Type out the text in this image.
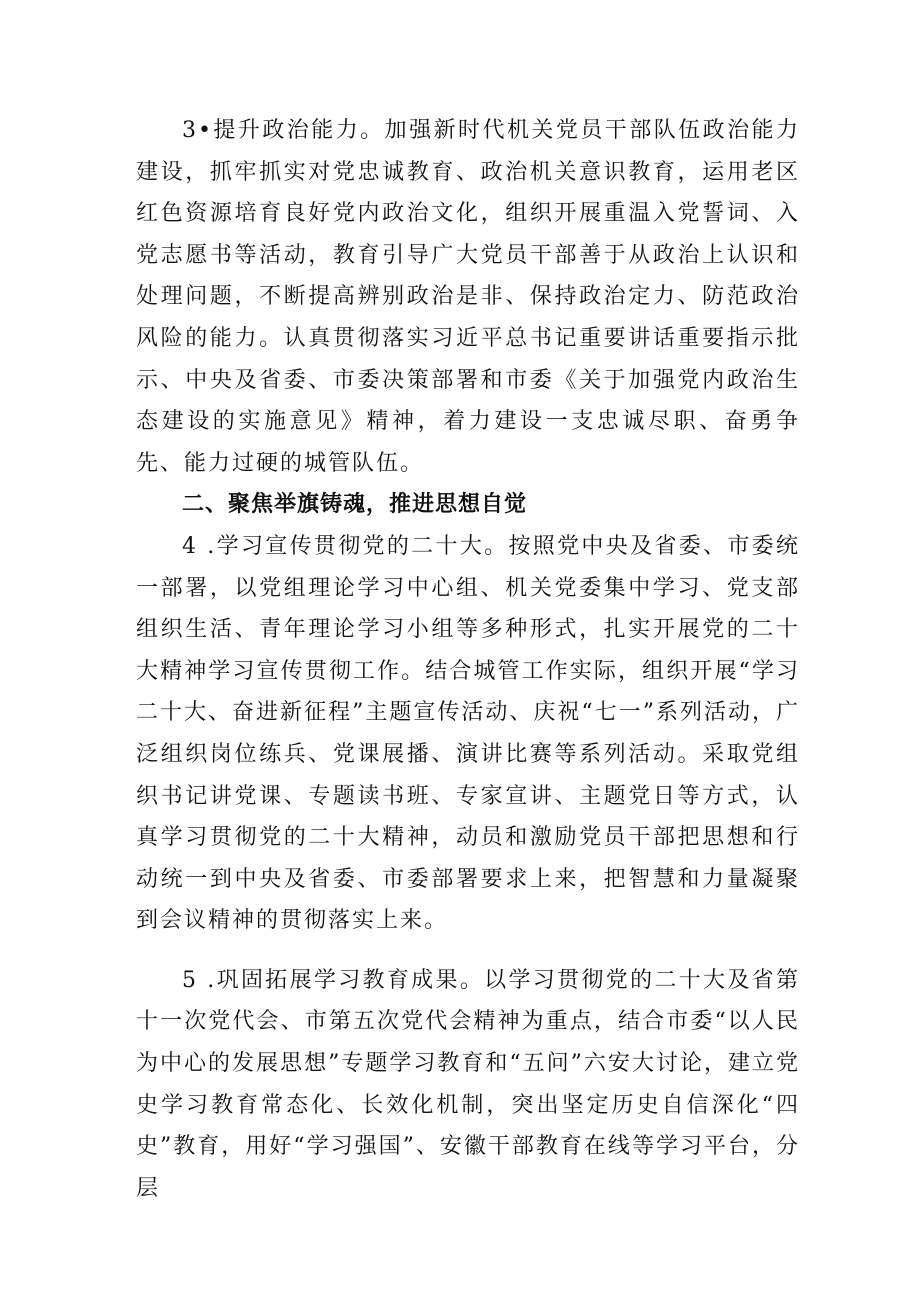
3•提升政治能力。加强新时代机关党员干部队伍政治能力建设，抓牢抓实对党忠诚教育、政治机关意识教育，运用老区红色资源培育良好党内政治文化，组织开展重温入党誓词、入党志愿书等活动，教育引导广大党员干部善于从政治上认识和处理问题，不断提高辨别政治是非、保持政治定力、防范政治风险的能力。认真贯彻落实习近平总书记重要讲话重要指示批示、中央及省委、市委决策部署和市委《关于加强党内政治生态建设的实施意见》精神，着力建设一支忠诚尽职、奋勇争先、能力过硬的城管队伍。

二、聚焦举旗铸魂，推进思想自觉

4 .学习宣传贯彻党的二十大。按照党中央及省委、市委统一部署，以党组理论学习中心组、机关党委集中学习、党支部组织生活、青年理论学习小组等多种形式，扎实开展党的二十大精神学习宣传贯彻工作。结合城管工作实际，组织开展“学习二十大、奋进新征程”主题宣传活动、庆祝“七一”系列活动，广泛组织岗位练兵、党课展播、演讲比赛等系列活动。采取党组织书记讲党课、专题读书班、专家宣讲、主题党日等方式，认真学习贯彻党的二十大精神，动员和激励党员干部把思想和行动统一到中央及省委、市委部署要求上来，把智慧和力量凝聚到会议精神的贯彻落实上来。

5 .巩固拓展学习教育成果。以学习贯彻党的二十大及省第十一次党代会、市第五次党代会精神为重点，结合市委“以人民为中心的发展思想”专题学习教育和“五问”六安大讨论，建立党史学习教育常态化、长效化机制，突出坚定历史自信深化“四史”教育，用好“学习强国”、安徽干部教育在线等学习平台，分层
